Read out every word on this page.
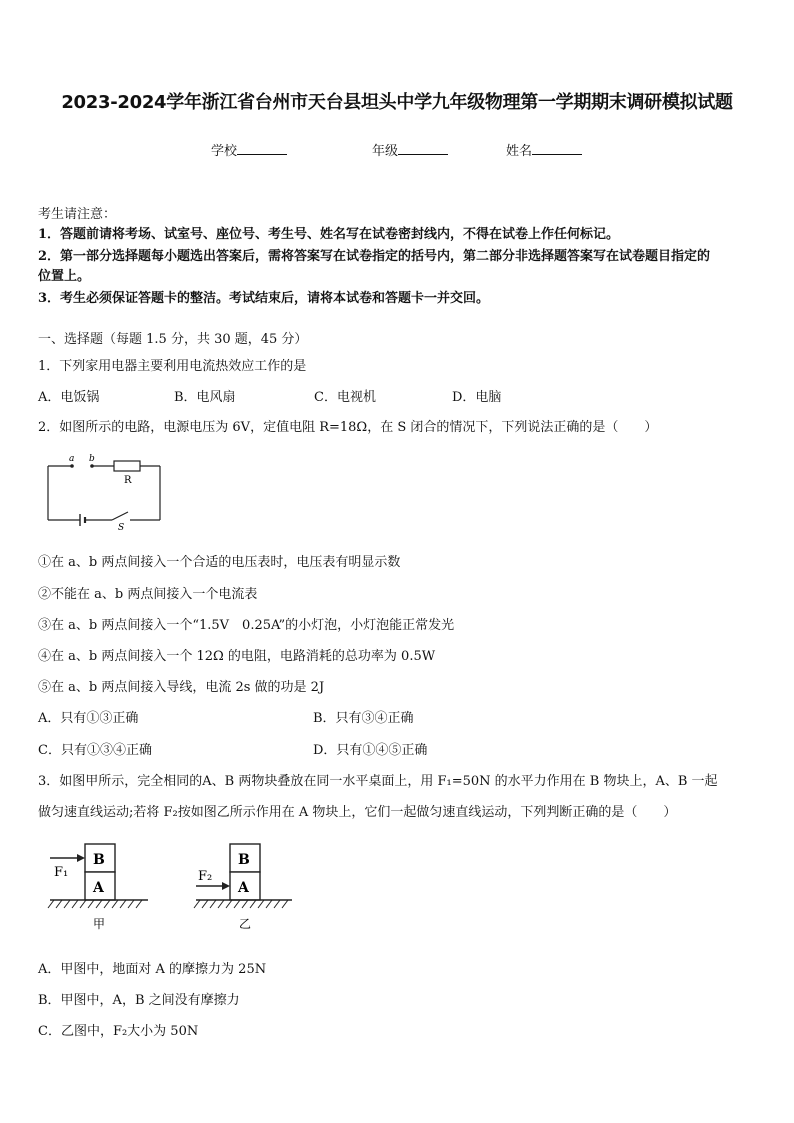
2023-2024学年浙江省台州市天台县坦头中学九年级物理第一学期期末调研模拟试题
学校	年级	姓名
考生请注意：
1．答题前请将考场、试室号、座位号、考生号、姓名写在试卷密封线内，不得在试卷上作任何标记。
2．第一部分选择题每小题选出答案后，需将答案写在试卷指定的括号内，第二部分非选择题答案写在试卷题目指定的
位置上。
3．考生必须保证答题卡的整洁。考试结束后，请将本试卷和答题卡一并交回。
一、选择题（每题 1.5 分，共 30 题，45 分）
1．下列家用电器主要利用电流热效应工作的是
A．电饭锅	B．电风扇	C．电视机	D．电脑
2．如图所示的电路，电源电压为 6V，定值电阻 R=18Ω，在 S 闭合的情况下，下列说法正确的是（　　）
a b
R
S
①在 a、b 两点间接入一个合适的电压表时，电压表有明显示数
②不能在 a、b 两点间接入一个电流表
③在 a、b 两点间接入一个“1.5V　0.25A”的小灯泡，小灯泡能正常发光
④在 a、b 两点间接入一个 12Ω 的电阻，电路消耗的总功率为 0.5W
⑤在 a、b 两点间接入导线，电流 2s 做的功是 2J
A．只有①③正确	B．只有③④正确
C．只有①③④正确	D．只有①④⑤正确
3．如图甲所示，完全相同的A、B 两物块叠放在同一水平桌面上，用 F₁=50N 的水平力作用在 B 物块上，A、B 一起
做匀速直线运动;若将 F₂按如图乙所示作用在 A 物块上，它们一起做匀速直线运动，下列判断正确的是（　　）
F₁
B
A
甲
F₂
B
A
乙
A．甲图中，地面对 A 的摩擦力为 25N
B．甲图中，A，B 之间没有摩擦力
C．乙图中，F₂大小为 50N
